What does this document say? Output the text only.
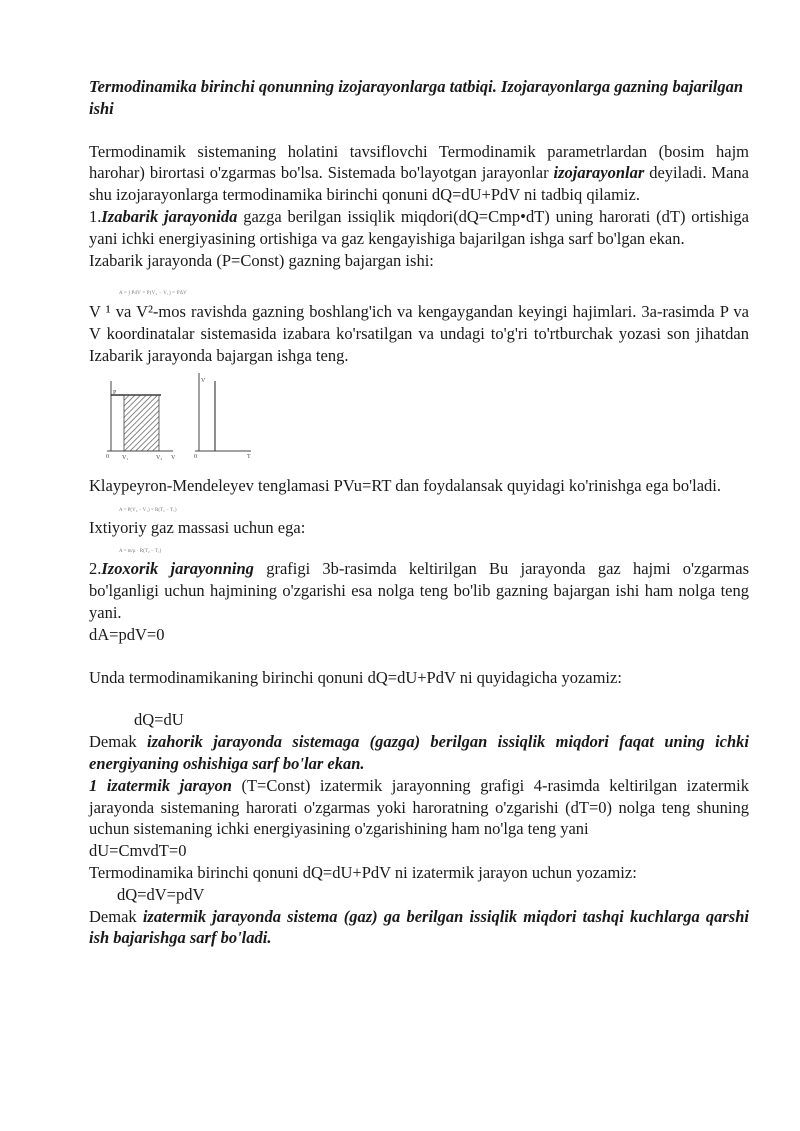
Termodinamika birinchi qonunning izojarayonlarga tatbiqi. Izojarayonlarga gazning bajarilgan ishi

Termodinamik sistemaning holatini tavsiflovchi Termodinamik parametrlardan (bosim hajm harohar) birortasi o'zgarmas bo'lsa. Sistemada bo'layotgan jarayonlar izojarayonlar deyiladi. Mana shu izojarayonlarga termodinamika birinchi qonuni dQ=dU+PdV ni tadbiq qilamiz.

1.Izabarik jarayonida gazga berilgan issiqlik miqdori(dQ=Cmp•dT) uning harorati (dT) ortishiga yani ichki energiyasining ortishiga va gaz kengayishiga bajarilgan ishga sarf bo'lgan ekan.

Izabarik jarayonda (P=Const) gazning bajargan ishi:

A = ∫ PdV = P(V₂ − V₁) = PΔV

V ¹ va V²-mos ravishda gazning boshlang'ich va kengaygandan keyingi hajimlari. 3a-rasimda P va V koordinatalar sistemasida izabara ko'rsatilgan va undagi to'g'ri to'rtburchak yozasi son jihatdan Izabarik jarayonda bajargan ishga teng.

P
0 V₁	V₂ V
V
0	T

Klaypeyron-Mendeleyev tenglamasi PVu=RT dan foydalansak quyidagi ko'rinishga ega bo'ladi.

A = P(V₂ − V₁) = R(T₂ − T₁)

Ixtiyoriy gaz massasi uchun ega:

A = m/μ · R(T₂ − T₁)

2.Izoxorik jarayonning grafigi 3b-rasimda keltirilgan Bu jarayonda gaz hajmi o'zgarmas bo'lganligi uchun hajmining o'zgarishi esa nolga teng bo'lib gazning bajargan ishi ham nolga teng yani.

dA=pdV=0

Unda termodinamikaning birinchi qonuni dQ=dU+PdV ni quyidagicha yozamiz:

dQ=dU

Demak izahorik jarayonda sistemaga (gazga) berilgan issiqlik miqdori faqat uning ichki energiyaning oshishiga sarf bo'lar ekan.

1 izatermik jarayon (T=Const) izatermik jarayonning grafigi 4-rasimda keltirilgan izatermik jarayonda sistemaning harorati o'zgarmas yoki haroratning o'zgarishi (dT=0) nolga teng shuning uchun sistemaning ichki energiyasining o'zgarishining ham no'lga teng yani

dU=CmvdT=0

Termodinamika birinchi qonuni dQ=dU+PdV ni izatermik jarayon uchun yozamiz:

dQ=dV=pdV

Demak izatermik jarayonda sistema (gaz) ga berilgan issiqlik miqdori tashqi kuchlarga qarshi ish bajarishga sarf bo'ladi.
